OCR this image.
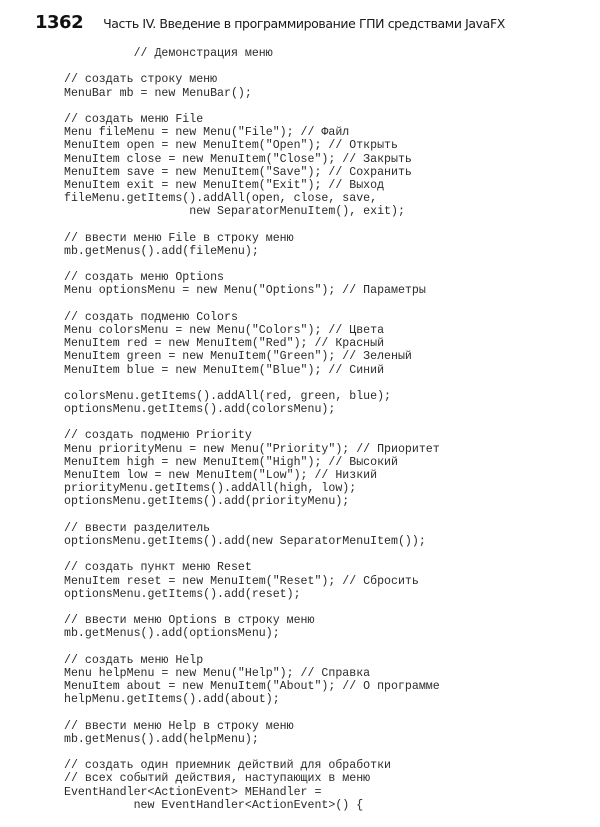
1362 Часть IV. Введение в программирование ГПИ средствами JavaFX
// Демонстрация меню

// создать строку меню
MenuBar mb = new MenuBar();

// создать меню File
Menu fileMenu = new Menu("File"); // Файл
MenuItem open = new MenuItem("Open"); // Открыть
MenuItem close = new MenuItem("Close"); // Закрыть
MenuItem save = new MenuItem("Save"); // Сохранить
MenuItem exit = new MenuItem("Exit"); // Выход
fileMenu.getItems().addAll(open, close, save,
new SeparatorMenuItem(), exit);

// ввести меню File в строку меню
mb.getMenus().add(fileMenu);

// создать меню Options
Menu optionsMenu = new Menu("Options"); // Параметры

// создать подменю Colors
Menu colorsMenu = new Menu("Colors"); // Цвета
MenuItem red = new MenuItem("Red"); // Красный
MenuItem green = new MenuItem("Green"); // Зеленый
MenuItem blue = new MenuItem("Blue"); // Синий

colorsMenu.getItems().addAll(red, green, blue);
optionsMenu.getItems().add(colorsMenu);

// создать подменю Priority
Menu priorityMenu = new Menu("Priority"); // Приоритет
MenuItem high = new MenuItem("High"); // Высокий
MenuItem low = new MenuItem("Low"); // Низкий
priorityMenu.getItems().addAll(high, low);
optionsMenu.getItems().add(priorityMenu);

// ввести разделитель
optionsMenu.getItems().add(new SeparatorMenuItem());

// создать пункт меню Reset
MenuItem reset = new MenuItem("Reset"); // Сбросить
optionsMenu.getItems().add(reset);

// ввести меню Options в строку меню
mb.getMenus().add(optionsMenu);

// создать меню Help
Menu helpMenu = new Menu("Help"); // Справка
MenuItem about = new MenuItem("About"); // О программе
helpMenu.getItems().add(about);

// ввести меню Help в строку меню
mb.getMenus().add(helpMenu);

// создать один приемник действий для обработки
// всех событий действия, наступающих в меню
EventHandler<ActionEvent> MEHandler =
new EventHandler<ActionEvent>() {
